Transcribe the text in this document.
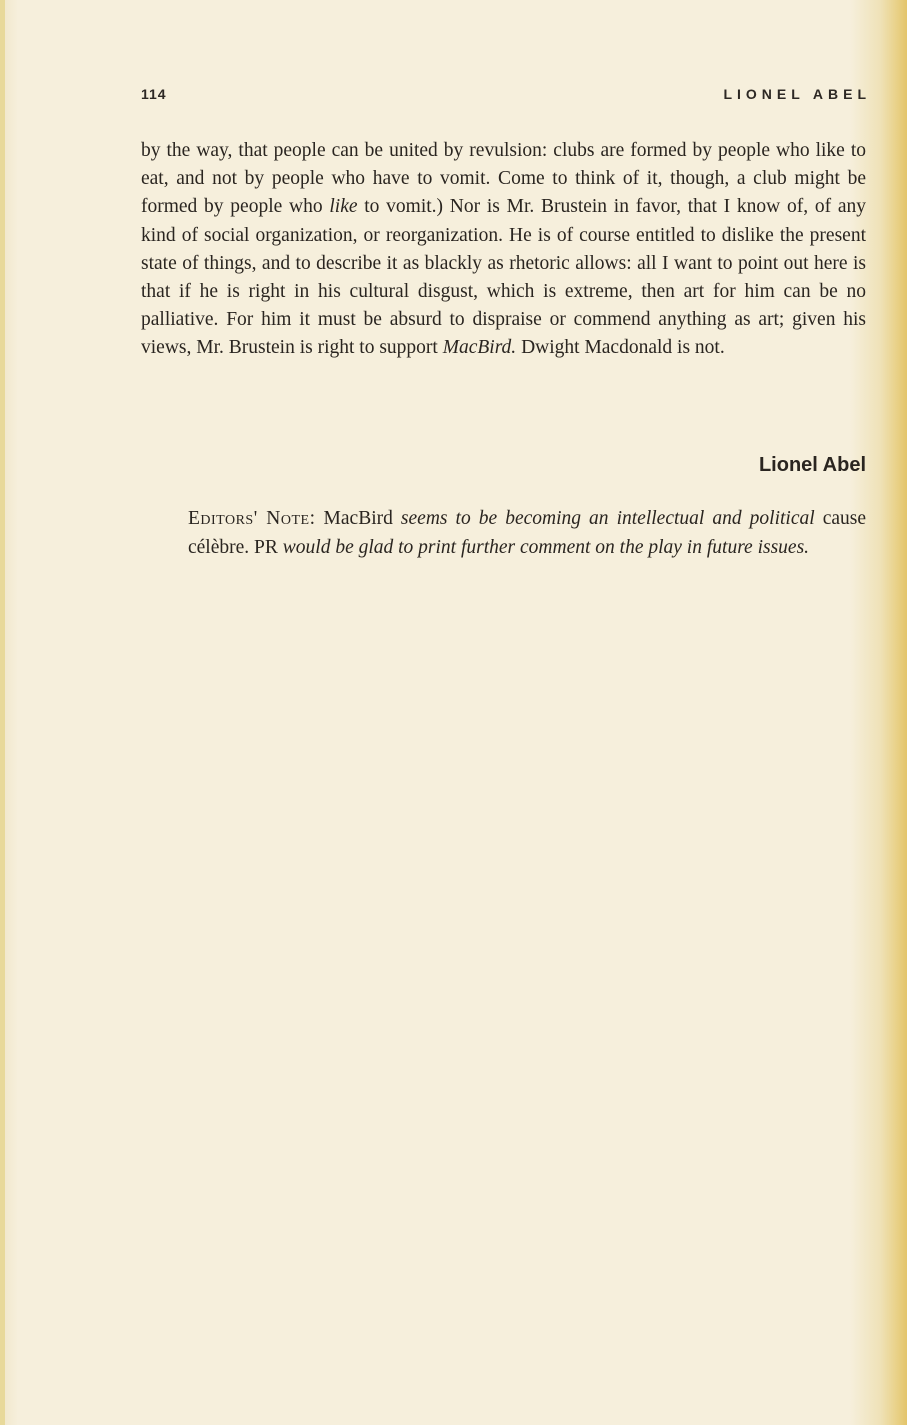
114	LIONEL ABEL

by the way, that people can be united by revulsion: clubs are formed by people who like to eat, and not by people who have to vomit. Come to think of it, though, a club might be formed by people who like to vomit.) Nor is Mr. Brustein in favor, that I know of, of any kind of social organization, or reorganization. He is of course entitled to dislike the present state of things, and to describe it as blackly as rhetoric allows: all I want to point out here is that if he is right in his cultural disgust, which is extreme, then art for him can be no palliative. For him it must be absurd to dispraise or commend anything as art; given his views, Mr. Brustein is right to support MacBird. Dwight Macdonald is not.

Lionel Abel

Editors' Note: MacBird seems to be becoming an intellectual and political cause célèbre. PR would be glad to print further comment on the play in future issues.
